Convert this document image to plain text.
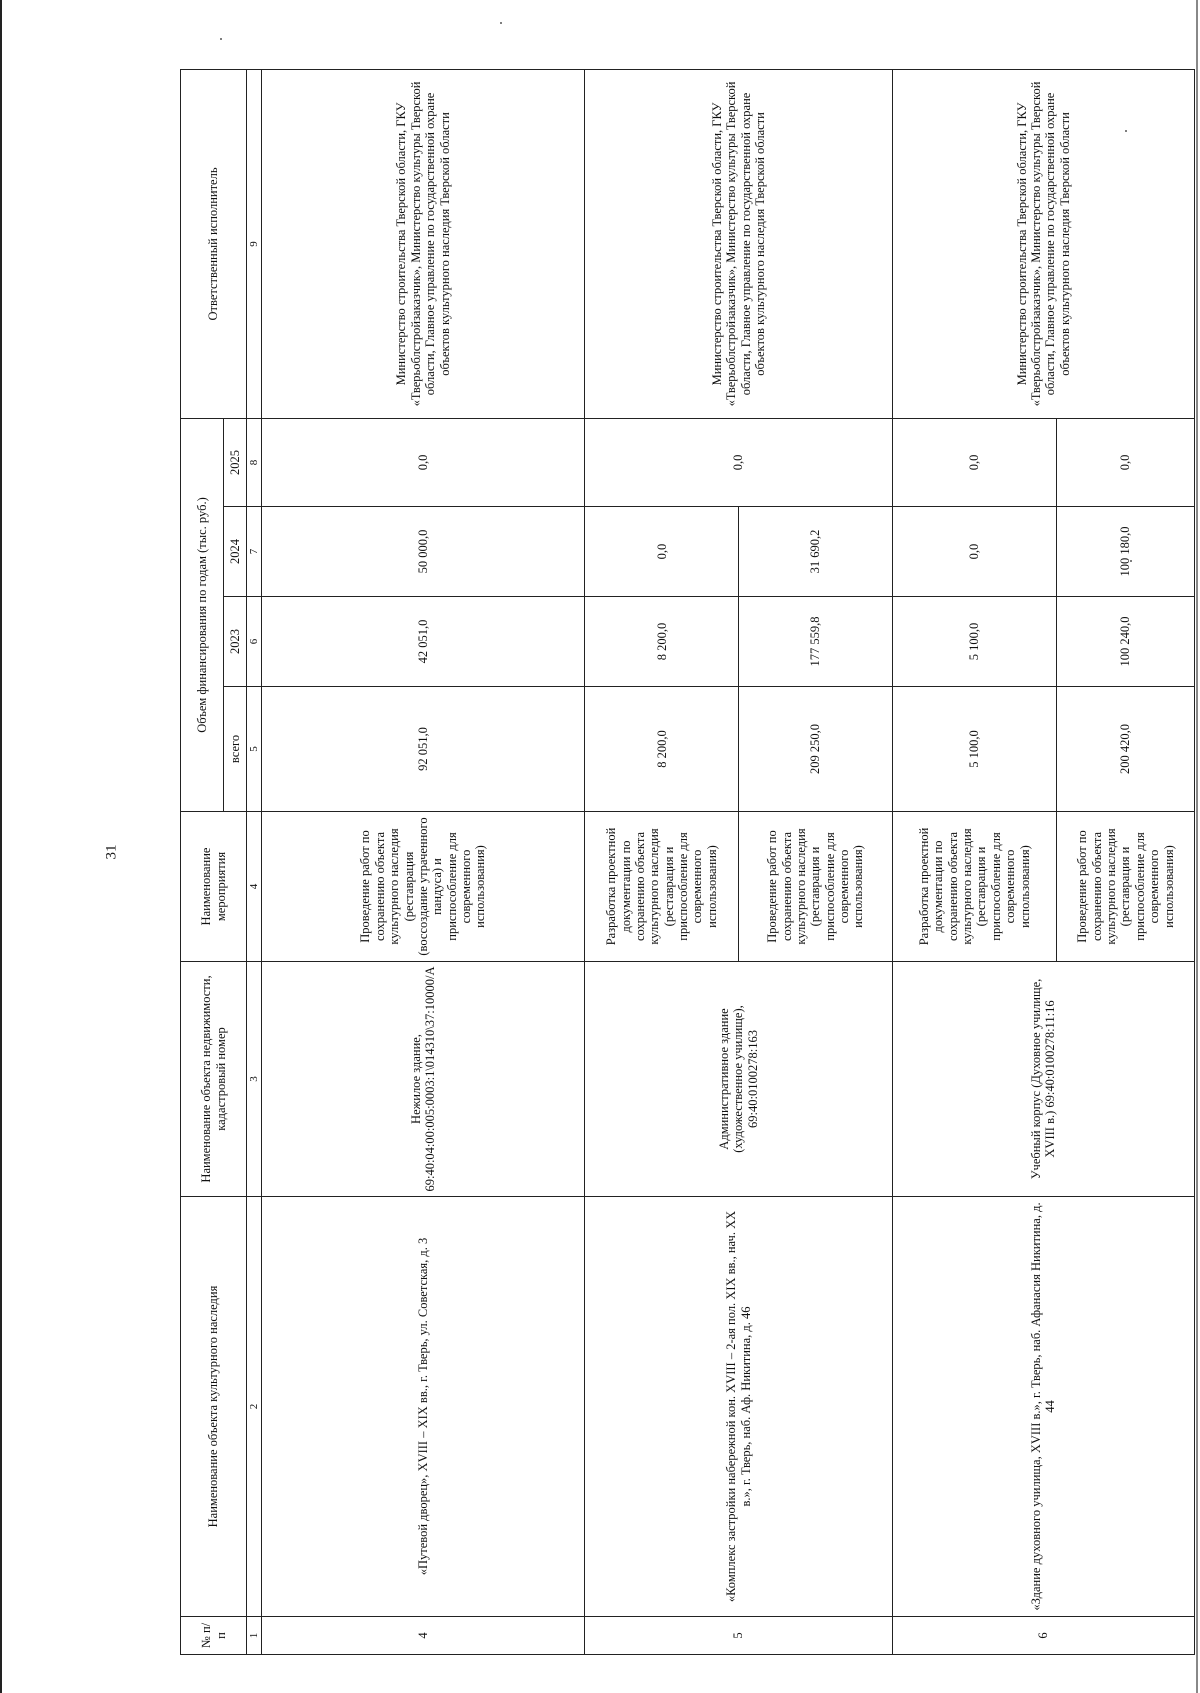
31
№ п/п	Наименование объекта культурного наследия	Наименование объекта недвижимости, кадастровый номер	Наименование мероприятия	Объем финансирования по годам (тыс. руб.)				Ответственный исполнитель
				всего	2023	2024	2025	
1	2	3	4	5	6	7	8	9
4	«Путевой дворец», XVIII – XIX вв., г. Тверь, ул. Советская, д. 3	Нежилое здание, 69:40:04:00:005:0003:1\014310\37:10000/А	Проведение работ по сохранению объекта культурного наследия (реставрация (воссоздание утраченного пандуса) и приспособление для современного использования)	92 051,0	42 051,0	50 000,0	0,0	Министерство строительства Тверской области, ГКУ «Тверьоблстройзаказчик», Министерство культуры Тверской области, Главное управление по государственной охране объектов культурного наследия Тверской области
5	«Комплекс застройки набережной кон. XVIII – 2-ая пол. XIX вв., нач. XX в.», г. Тверь, наб. Аф. Никитина, д. 46	Административное здание (художественное училище), 69:40:0100278:163	Разработка проектной документации по сохранению объекта культурного наследия (реставрация и приспособление для современного использования)	8 200,0	8 200,0	0,0	0,0	Министерство строительства Тверской области, ГКУ «Тверьоблстройзаказчик», Министерство культуры Тверской области, Главное управление по государственной охране объектов культурного наследия Тверской области
			Проведение работ по сохранению объекта культурного наследия (реставрация и приспособление для современного использования)	209 250,0	177 559,8	31 690,2		
6	«Здание духовного училища, XVIII в.», г. Тверь, наб. Афанасия Никитина, д. 44	Учебный корпус (Духовное училище, XVIII в.) 69:40:0100278:11:16	Разработка проектной документации по сохранению объекта культурного наследия (реставрация и приспособление для современного использования)	5 100,0	5 100,0	0,0	0,0	Министерство строительства Тверской области, ГКУ «Тверьоблстройзаказчик», Министерство культуры Тверской области, Главное управление по государственной охране объектов культурного наследия Тверской области
			Проведение работ по сохранению объекта культурного наследия (реставрация и приспособление для современного использования)	200 420,0	100 240,0	100 180,0	0,0	
